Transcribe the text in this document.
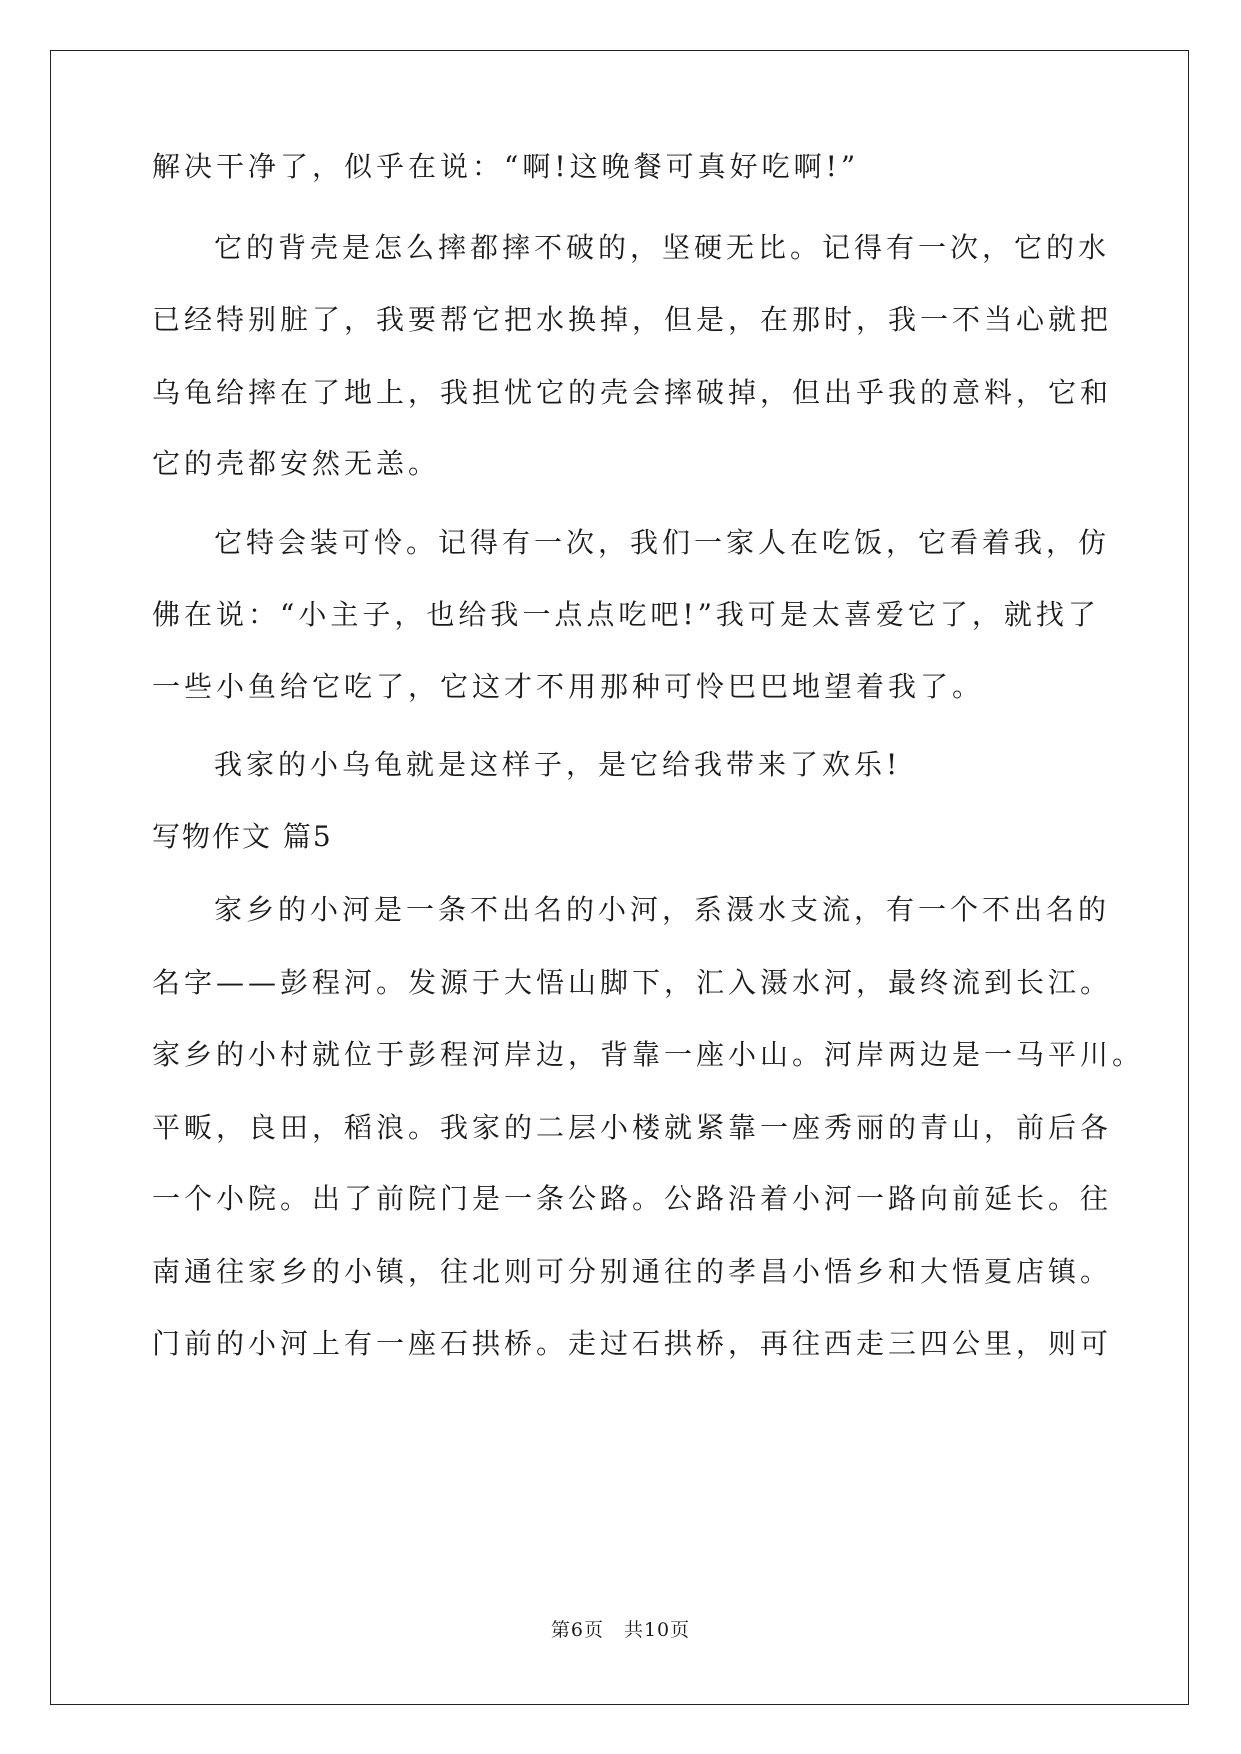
解决干净了，似乎在说：“啊!这晚餐可真好吃啊!”
它的背壳是怎么摔都摔不破的，坚硬无比。记得有一次，它的水
已经特别脏了，我要帮它把水换掉，但是，在那时，我一不当心就把
乌龟给摔在了地上，我担忧它的壳会摔破掉，但出乎我的意料，它和
它的壳都安然无恙。
它特会装可怜。记得有一次，我们一家人在吃饭，它看着我，仿
佛在说：“小主子，也给我一点点吃吧!”我可是太喜爱它了，就找了
一些小鱼给它吃了，它这才不用那种可怜巴巴地望着我了。
我家的小乌龟就是这样子，是它给我带来了欢乐!
写物作文 篇5
家乡的小河是一条不出名的小河，系滠水支流，有一个不出名的
名字——彭程河。发源于大悟山脚下，汇入滠水河，最终流到长江。
家乡的小村就位于彭程河岸边，背靠一座小山。河岸两边是一马平川。
平畈，良田，稻浪。我家的二层小楼就紧靠一座秀丽的青山，前后各
一个小院。出了前院门是一条公路。公路沿着小河一路向前延长。往
南通往家乡的小镇，往北则可分别通往的孝昌小悟乡和大悟夏店镇。
门前的小河上有一座石拱桥。走过石拱桥，再往西走三四公里，则可
第6页　共10页
